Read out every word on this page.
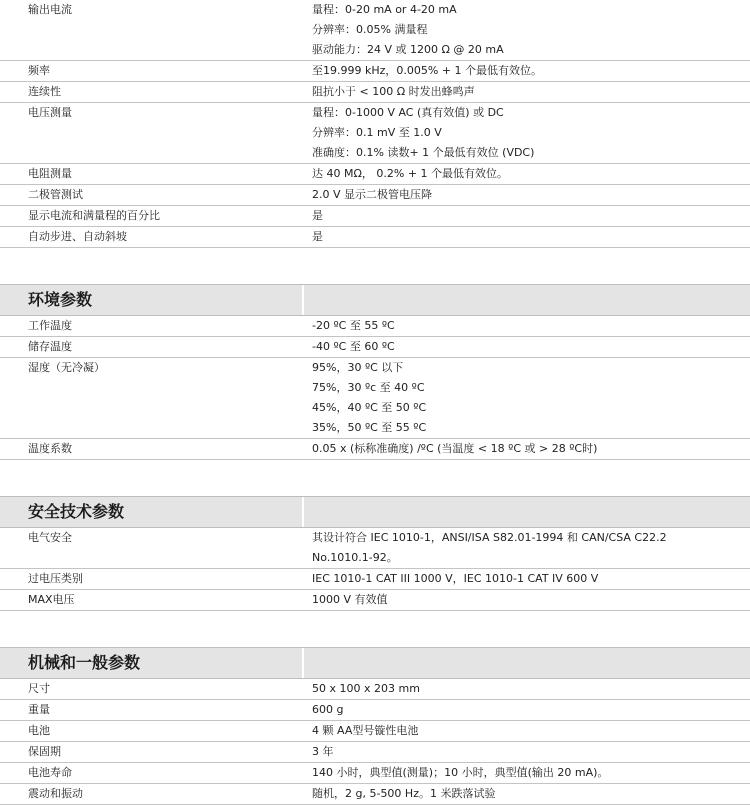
输出电流	量程：0-20 mA or 4-20 mA
分辨率：0.05% 满量程
驱动能力：24 V 或 1200 Ω @ 20 mA
频率	至19.999 kHz，0.005% + 1 个最低有效位。
连续性	阻抗小于 < 100 Ω 时发出蜂鸣声
电压测量	量程：0-1000 V AC (真有效值) 或 DC
分辨率：0.1 mV 至 1.0 V
准确度：0.1% 读数+ 1 个最低有效位 (VDC)
电阻测量	达 40 MΩ， 0.2% + 1 个最低有效位。
二极管测试	2.0 V 显示二极管电压降
显示电流和满量程的百分比	是
自动步进、自动斜坡	是
环境参数
工作温度	-20 ºC 至 55 ºC
储存温度	-40 ºC 至 60 ºC
湿度（无冷凝）	95%，30 ºC 以下
75%，30 ºc 至 40 ºC
45%，40 ºC 至 50 ºC
35%，50 ºC 至 55 ºC
温度系数	0.05 x (标称准确度) /ºC (当温度 < 18 ºC 或 > 28 ºC时)
安全技术参数
电气安全	其设计符合 IEC 1010-1，ANSI/ISA S82.01-1994 和 CAN/CSA C22.2
No.1010.1-92。
过电压类别	IEC 1010-1 CAT III 1000 V，IEC 1010-1 CAT IV 600 V
MAX电压	1000 V 有效值
机械和一般参数
尺寸	50 x 100 x 203 mm
重量	600 g
电池	4 颗 AA型号镟性电池
保固期	3 年
电池寿命	140 小时，典型值(测量)；10 小时，典型值(输出 20 mA)。
震动和振动	随机，2 g, 5-500 Hz。1 米跌落试验
